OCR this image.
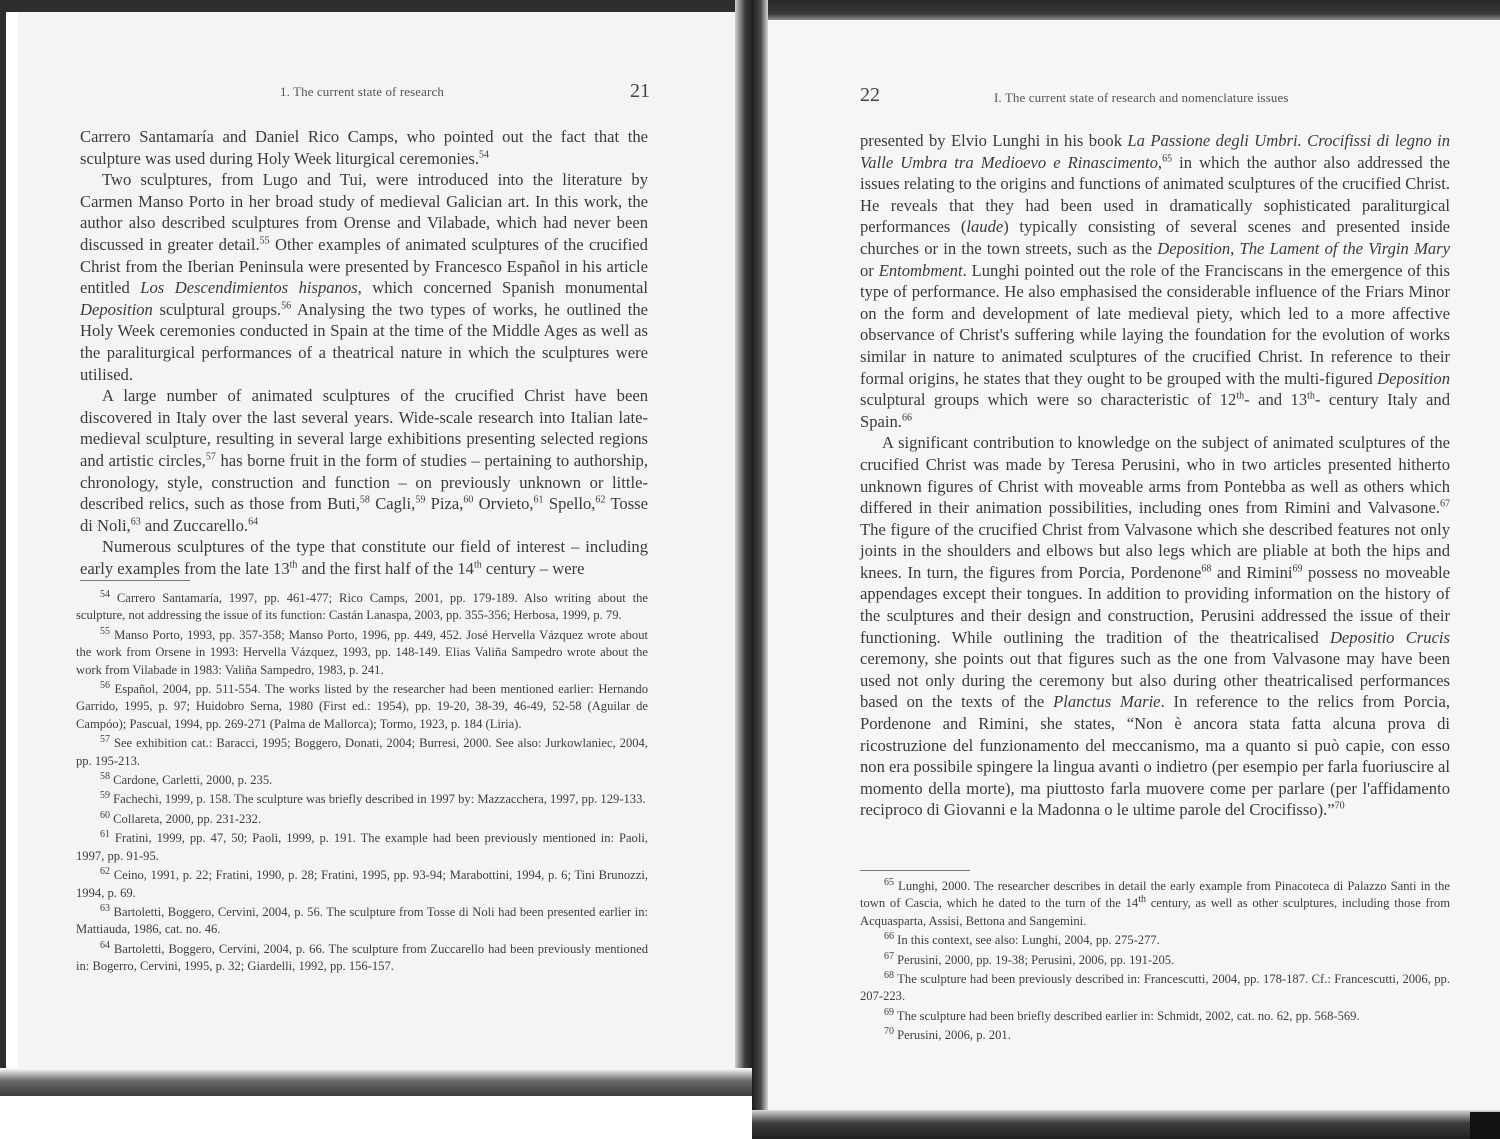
1. The current state of research	21

Carrero Santamaría and Daniel Rico Camps, who pointed out the fact that the sculpture was used during Holy Week liturgical ceremonies.$^{54}$

Two sculptures, from Lugo and Tui, were introduced into the literature by Carmen Manso Porto in her broad study of medieval Galician art. In this work, the author also described sculptures from Orense and Vilabade, which had never been discussed in greater detail.$^{55}$ Other examples of animated sculptures of the crucified Christ from the Iberian Peninsula were presented by Francesco Español in his article entitled Los Descendimientos hispanos, which concerned Spanish monumental Deposition sculptural groups.$^{56}$ Analysing the two types of works, he outlined the Holy Week ceremonies conducted in Spain at the time of the Middle Ages as well as the paraliturgical performances of a theatrical nature in which the sculptures were utilised.

A large number of animated sculptures of the crucified Christ have been discovered in Italy over the last several years. Wide-scale research into Italian late-medieval sculpture, resulting in several large exhibitions presenting selected regions and artistic circles,$^{57}$ has borne fruit in the form of studies – pertaining to authorship, chronology, style, construction and function – on previously unknown or little-described relics, such as those from Buti,$^{58}$ Cagli,$^{59}$ Piza,$^{60}$ Orvieto,$^{61}$ Spello,$^{62}$ Tosse di Noli,$^{63}$ and Zuccarello.$^{64}$

Numerous sculptures of the type that constitute our field of interest – including early examples from the late 13th and the first half of the 14th century – were

$^{54}$ Carrero Santamaría, 1997, pp. 461-477; Rico Camps, 2001, pp. 179-189. Also writing about the sculpture, not addressing the issue of its function: Castán Lanaspa, 2003, pp. 355-356; Herbosa, 1999, p. 79.

$^{55}$ Manso Porto, 1993, pp. 357-358; Manso Porto, 1996, pp. 449, 452. José Hervella Vázquez wrote about the work from Orsene in 1993: Hervella Vázquez, 1993, pp. 148-149. Elias Valiña Sampedro wrote about the work from Vilabade in 1983: Valiña Sampedro, 1983, p. 241.

$^{56}$ Español, 2004, pp. 511-554. The works listed by the researcher had been mentioned earlier: Hernando Garrido, 1995, p. 97; Huidobro Serna, 1980 (First ed.: 1954), pp. 19-20, 38-39, 46-49, 52-58 (Aguilar de Campóo); Pascual, 1994, pp. 269-271 (Palma de Mallorca); Tormo, 1923, p. 184 (Liria).

$^{57}$ See exhibition cat.: Baracci, 1995; Boggero, Donati, 2004; Burresi, 2000. See also: Jurkowlaniec, 2004, pp. 195-213.

$^{58}$ Cardone, Carletti, 2000, p. 235.

$^{59}$ Fachechi, 1999, p. 158. The sculpture was briefly described in 1997 by: Mazzacchera, 1997, pp. 129-133.

$^{60}$ Collareta, 2000, pp. 231-232.

$^{61}$ Fratini, 1999, pp. 47, 50; Paoli, 1999, p. 191. The example had been previously mentioned in: Paoli, 1997, pp. 91-95.

$^{62}$ Ceino, 1991, p. 22; Fratini, 1990, p. 28; Fratini, 1995, pp. 93-94; Marabottini, 1994, p. 6; Tini Brunozzi, 1994, p. 69.

$^{63}$ Bartoletti, Boggero, Cervini, 2004, p. 56. The sculpture from Tosse di Noli had been presented earlier in: Mattiauda, 1986, cat. no. 46.

$^{64}$ Bartoletti, Boggero, Cervini, 2004, p. 66. The sculpture from Zuccarello had been previously mentioned in: Bogerro, Cervini, 1995, p. 32; Giardelli, 1992, pp. 156-157.

22	I. The current state of research and nomenclature issues

presented by Elvio Lunghi in his book La Passione degli Umbri. Crocifissi di legno in Valle Umbra tra Medioevo e Rinascimento,$^{65}$ in which the author also addressed the issues relating to the origins and functions of animated sculptures of the crucified Christ. He reveals that they had been used in dramatically sophisticated paraliturgical performances (laude) typically consisting of several scenes and presented inside churches or in the town streets, such as the Deposition, The Lament of the Virgin Mary or Entombment. Lunghi pointed out the role of the Franciscans in the emergence of this type of performance. He also emphasised the considerable influence of the Friars Minor on the form and development of late medieval piety, which led to a more affective observance of Christ's suffering while laying the foundation for the evolution of works similar in nature to animated sculptures of the crucified Christ. In reference to their formal origins, he states that they ought to be grouped with the multi-figured Deposition sculptural groups which were so characteristic of 12th- and 13th- century Italy and Spain.$^{66}$

A significant contribution to knowledge on the subject of animated sculptures of the crucified Christ was made by Teresa Perusini, who in two articles presented hitherto unknown figures of Christ with moveable arms from Pontebba as well as others which differed in their animation possibilities, including ones from Rimini and Valvasone.$^{67}$ The figure of the crucified Christ from Valvasone which she described features not only joints in the shoulders and elbows but also legs which are pliable at both the hips and knees. In turn, the figures from Porcia, Pordenone$^{68}$ and Rimini$^{69}$ possess no moveable appendages except their tongues. In addition to providing information on the history of the sculptures and their design and construction, Perusini addressed the issue of their functioning. While outlining the tradition of the theatricalised Depositio Crucis ceremony, she points out that figures such as the one from Valvasone may have been used not only during the ceremony but also during other theatricalised performances based on the texts of the Planctus Marie. In reference to the relics from Porcia, Pordenone and Rimini, she states, “Non è ancora stata fatta alcuna prova di ricostruzione del funzionamento del meccanismo, ma a quanto si può capie, con esso non era possibile spingere la lingua avanti o indietro (per esempio per farla fuoriuscire al momento della morte), ma piuttosto farla muovere come per parlare (per l'affidamento reciproco di Giovanni e la Madonna o le ultime parole del Crocifisso).”$^{70}$

$^{65}$ Lunghi, 2000. The researcher describes in detail the early example from Pinacoteca di Palazzo Santi in the town of Cascia, which he dated to the turn of the 14th century, as well as other sculptures, including those from Acquasparta, Assisi, Bettona and Sangemini.

$^{66}$ In this context, see also: Lunghi, 2004, pp. 275-277.

$^{67}$ Perusini, 2000, pp. 19-38; Perusini, 2006, pp. 191-205.

$^{68}$ The sculpture had been previously described in: Francescutti, 2004, pp. 178-187. Cf.: Francescutti, 2006, pp. 207-223.

$^{69}$ The sculpture had been briefly described earlier in: Schmidt, 2002, cat. no. 62, pp. 568-569.

$^{70}$ Perusini, 2006, p. 201.
